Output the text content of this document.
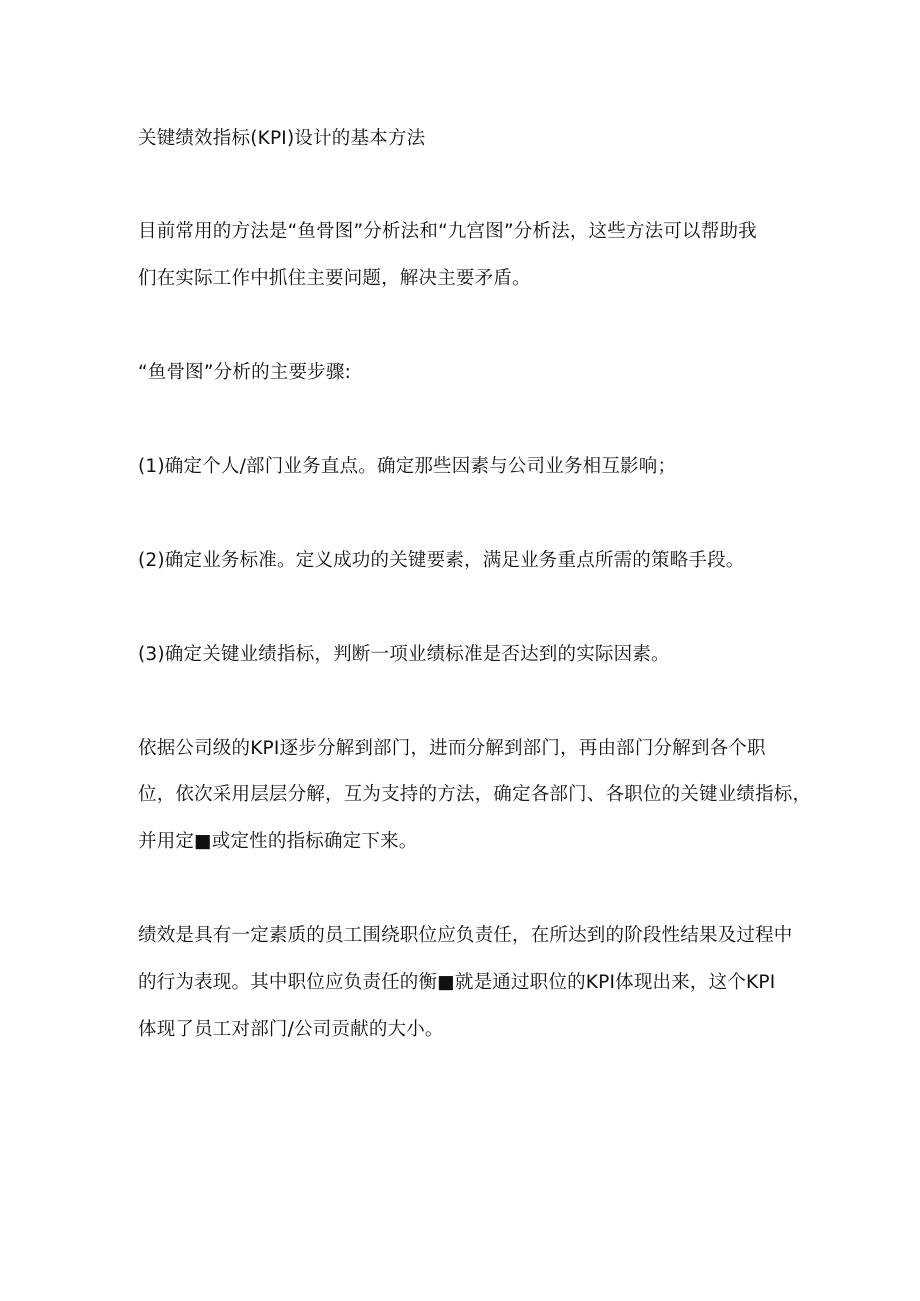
关键绩效指标(KPI)设计的基本方法
目前常用的方法是“鱼骨图”分析法和“九宫图”分析法，这些方法可以帮助我
们在实际工作中抓住主要问题，解决主要矛盾。
“鱼骨图”分析的主要步骤:
(1)确定个人/部门业务直点。确定那些因素与公司业务相互影响；
(2)确定业务标准。定义成功的关键要素，满足业务重点所需的策略手段。
(3)确定关键业绩指标，判断一项业绩标准是否达到的实际因素。
依据公司级的KPI逐步分解到部门，进而分解到部门，再由部门分解到各个职
位，依次采用层层分解，互为支持的方法，确定各部门、各职位的关键业绩指标，
并用定■或定性的指标确定下来。
绩效是具有一定素质的员工围绕职位应负责任，在所达到的阶段性结果及过程中
的行为表现。其中职位应负责任的衡■就是通过职位的KPI体现出来，这个KPI
体现了员工对部门/公司贡献的大小。
